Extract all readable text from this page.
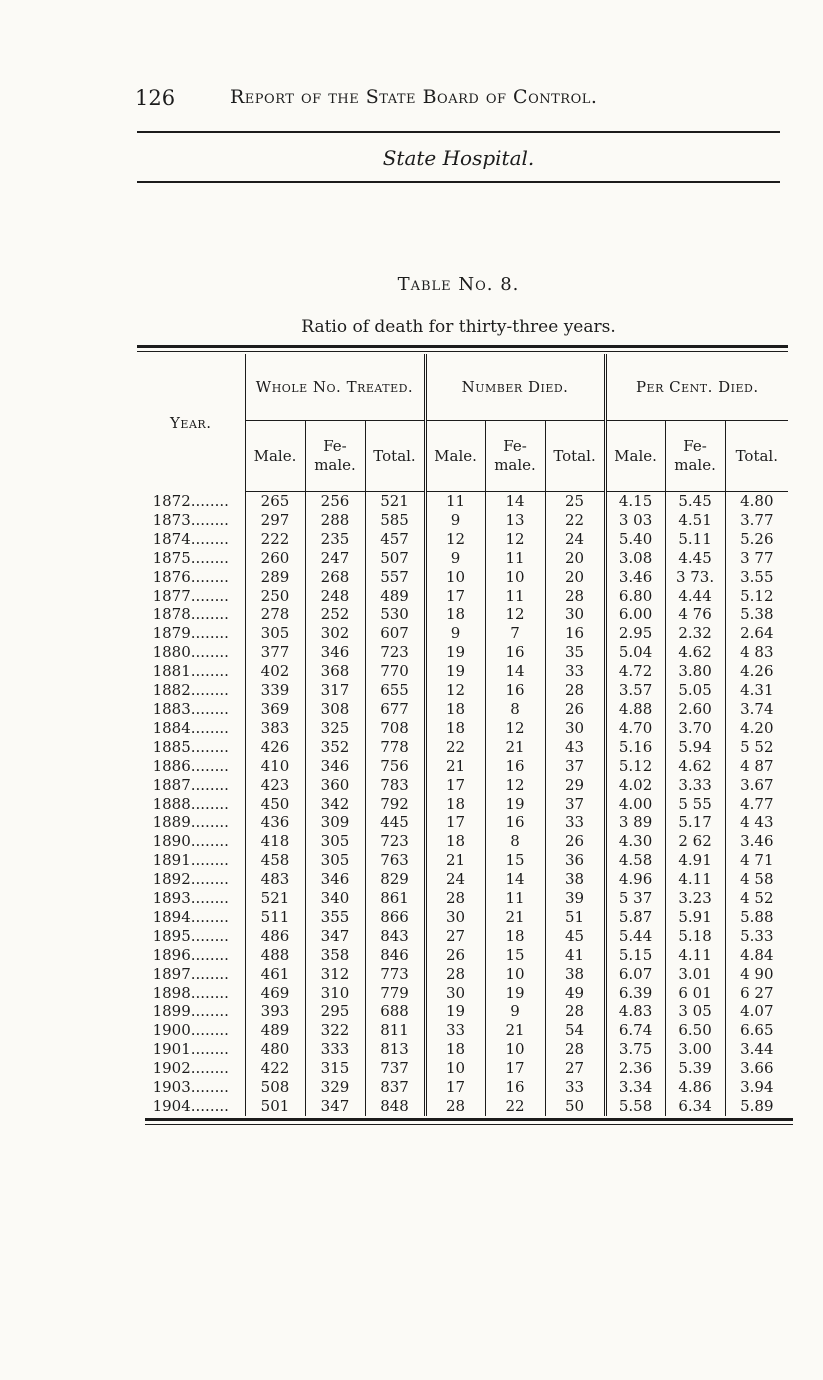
126	Report of the State Board of Control.
State Hospital.
Table No. 8.
Ratio of death for thirty-three years.
Year.	Whole No. Treated.			Number Died.			Per Cent. Died.		
	Male.	Fe- male.	Total.	Male.	Fe- male.	Total.	Male.	Fe- male.	Total.
1872........	265	256	521	11	14	25	4.15	5.45	4.80
1873........	297	288	585	9	13	22	3 03	4.51	3.77
1874........	222	235	457	12	12	24	5.40	5.11	5.26
1875........	260	247	507	9	11	20	3.08	4.45	3 77
1876........	289	268	557	10	10	20	3.46	3 73.	3.55
1877........	250	248	489	17	11	28	6.80	4.44	5.12
1878........	278	252	530	18	12	30	6.00	4 76	5.38
1879........	305	302	607	9	7	16	2.95	2.32	2.64
1880........	377	346	723	19	16	35	5.04	4.62	4 83
1881........	402	368	770	19	14	33	4.72	3.80	4.26
1882........	339	317	655	12	16	28	3.57	5.05	4.31
1883........	369	308	677	18	8	26	4.88	2.60	3.74
1884........	383	325	708	18	12	30	4.70	3.70	4.20
1885........	426	352	778	22	21	43	5.16	5.94	5 52
1886........	410	346	756	21	16	37	5.12	4.62	4 87
1887........	423	360	783	17	12	29	4.02	3.33	3.67
1888........	450	342	792	18	19	37	4.00	5 55	4.77
1889........	436	309	445	17	16	33	3 89	5.17	4 43
1890........	418	305	723	18	8	26	4.30	2 62	3.46
1891........	458	305	763	21	15	36	4.58	4.91	4 71
1892........	483	346	829	24	14	38	4.96	4.11	4 58
1893........	521	340	861	28	11	39	5 37	3.23	4 52
1894........	511	355	866	30	21	51	5.87	5.91	5.88
1895........	486	347	843	27	18	45	5.44	5.18	5.33
1896........	488	358	846	26	15	41	5.15	4.11	4.84
1897........	461	312	773	28	10	38	6.07	3.01	4 90
1898........	469	310	779	30	19	49	6.39	6 01	6 27
1899........	393	295	688	19	9	28	4.83	3 05	4.07
1900........	489	322	811	33	21	54	6.74	6.50	6.65
1901........	480	333	813	18	10	28	3.75	3.00	3.44
1902........	422	315	737	10	17	27	2.36	5.39	3.66
1903........	508	329	837	17	16	33	3.34	4.86	3.94
1904........	501	347	848	28	22	50	5.58	6.34	5.89
